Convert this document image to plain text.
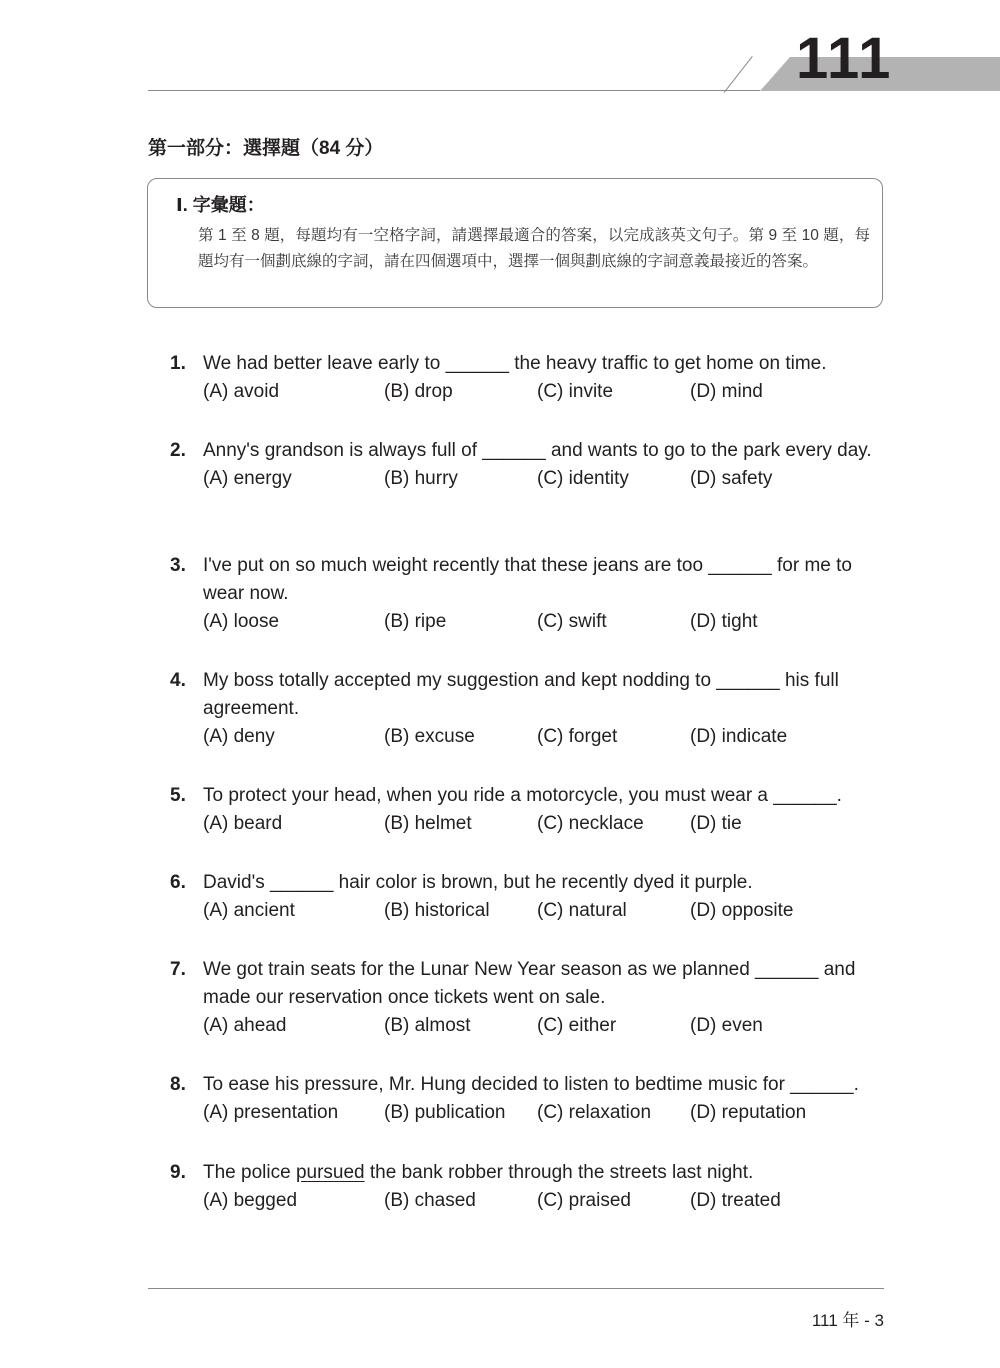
111
第一部分：選擇題（84 分）
Ⅰ. 字彙題：
第 1 至 8 題，每題均有一空格字詞，請選擇最適合的答案，以完成該英文句子。第 9 至 10 題，每題均有一個劃底線的字詞，請在四個選項中，選擇一個與劃底線的字詞意義最接近的答案。
1. We had better leave early to ______ the heavy traffic to get home on time.
(A) avoid	(B) drop	(C) invite	(D) mind
2. Anny's grandson is always full of ______ and wants to go to the park every day.
(A) energy	(B) hurry	(C) identity	(D) safety
3. I've put on so much weight recently that these jeans are too ______ for me to wear now.
(A) loose	(B) ripe	(C) swift	(D) tight
4. My boss totally accepted my suggestion and kept nodding to ______ his full agreement.
(A) deny	(B) excuse	(C) forget	(D) indicate
5. To protect your head, when you ride a motorcycle, you must wear a ______.
(A) beard	(B) helmet	(C) necklace (D) tie
6. David's ______ hair color is brown, but he recently dyed it purple.
(A) ancient	(B) historical (C) natural	(D) opposite
7. We got train seats for the Lunar New Year season as we planned ______ and made our reservation once tickets went on sale.
(A) ahead	(B) almost	(C) either	(D) even
8. To ease his pressure, Mr. Hung decided to listen to bedtime music for ______.
(A) presentation (B) publication (C) relaxation (D) reputation
9. The police pursued the bank robber through the streets last night.
(A) begged	(B) chased	(C) praised	(D) treated
111 年 - 3
